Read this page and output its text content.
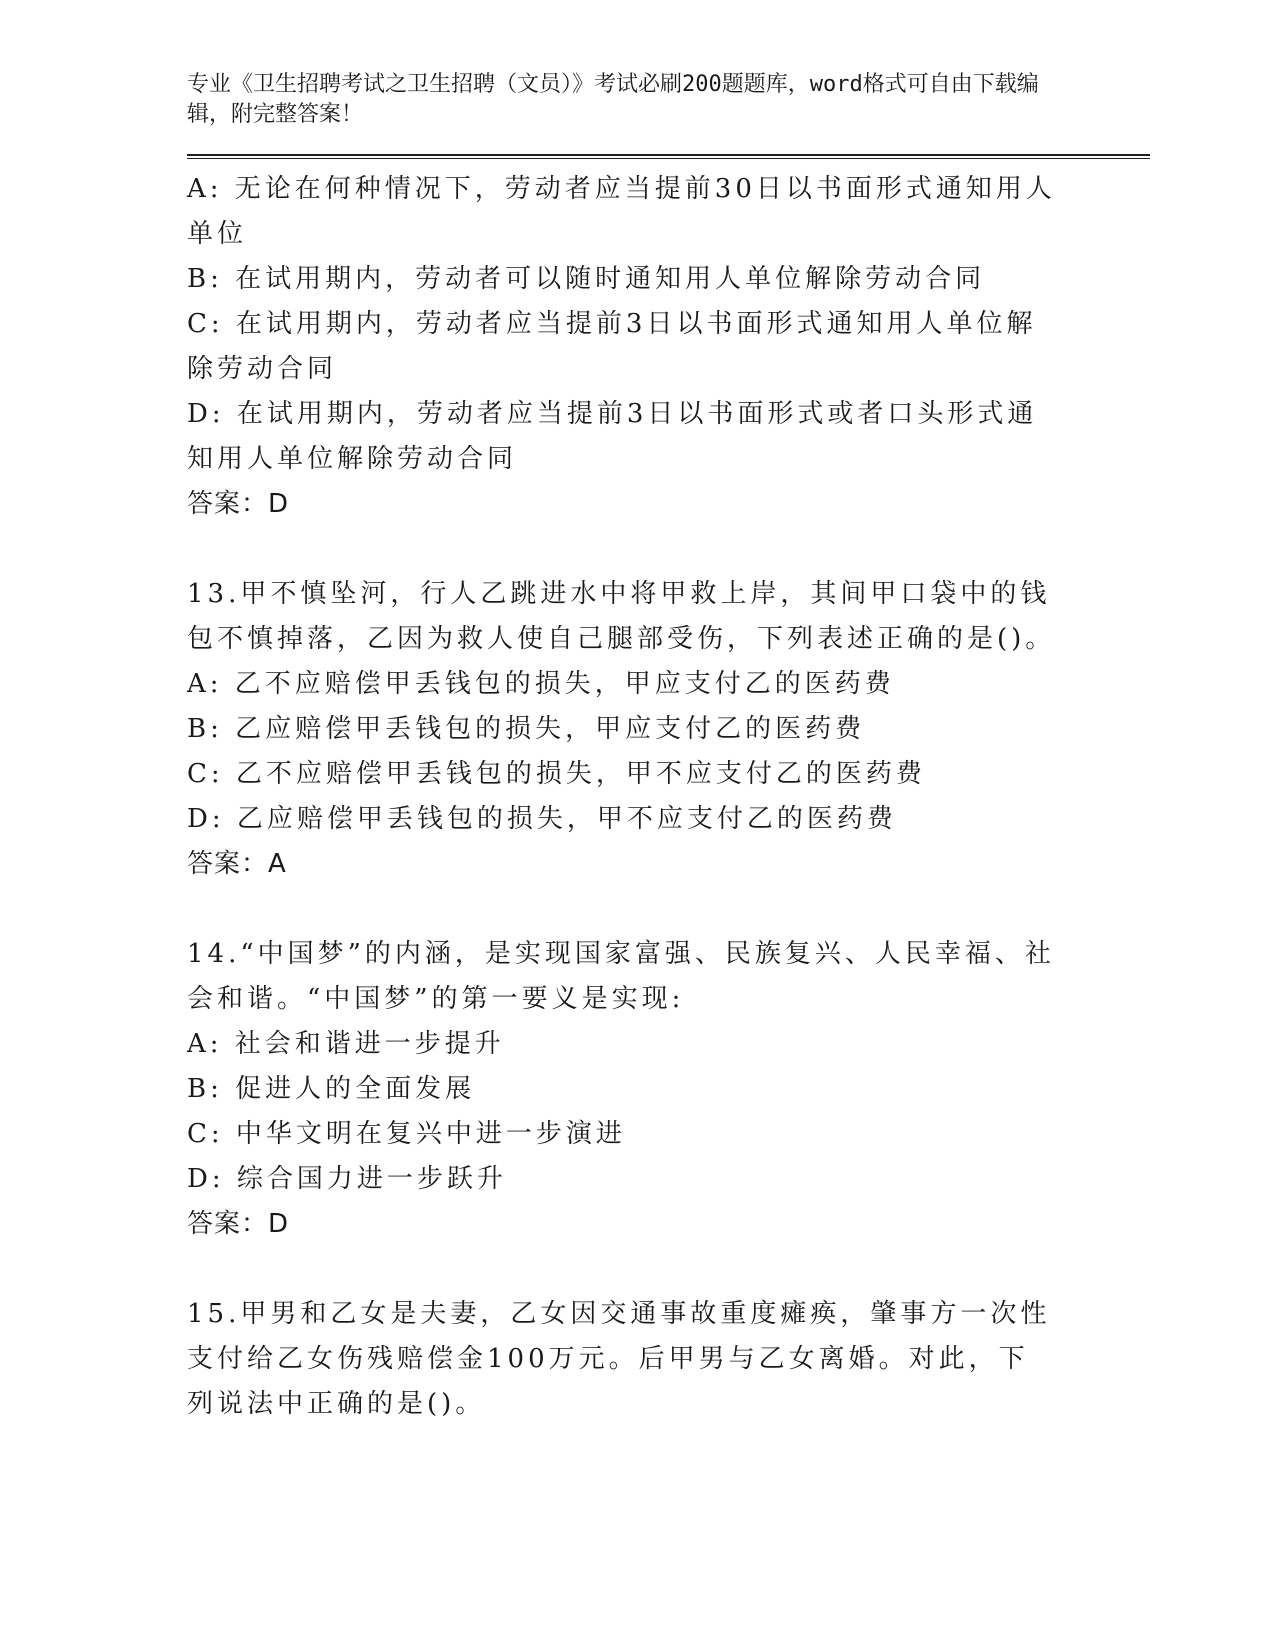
专业《卫生招聘考试之卫生招聘（文员）》考试必刷200题题库，word格式可自由下载编辑，附完整答案！

A: 无论在何种情况下，劳动者应当提前30日以书面形式通知用人单位

B: 在试用期内，劳动者可以随时通知用人单位解除劳动合同

C: 在试用期内，劳动者应当提前3日以书面形式通知用人单位解除劳动合同

D: 在试用期内，劳动者应当提前3日以书面形式或者口头形式通知用人单位解除劳动合同

答案：D

13.甲不慎坠河，行人乙跳进水中将甲救上岸，其间甲口袋中的钱包不慎掉落，乙因为救人使自己腿部受伤，下列表述正确的是()。

A: 乙不应赔偿甲丢钱包的损失，甲应支付乙的医药费

B: 乙应赔偿甲丢钱包的损失，甲应支付乙的医药费

C: 乙不应赔偿甲丢钱包的损失，甲不应支付乙的医药费

D: 乙应赔偿甲丢钱包的损失，甲不应支付乙的医药费

答案：A

14.“中国梦”的内涵，是实现国家富强、民族复兴、人民幸福、社会和谐。“中国梦”的第一要义是实现:

A: 社会和谐进一步提升

B: 促进人的全面发展

C: 中华文明在复兴中进一步演进

D: 综合国力进一步跃升

答案：D

15.甲男和乙女是夫妻，乙女因交通事故重度瘫痪，肇事方一次性支付给乙女伤残赔偿金100万元。后甲男与乙女离婚。对此，下列说法中正确的是()。
